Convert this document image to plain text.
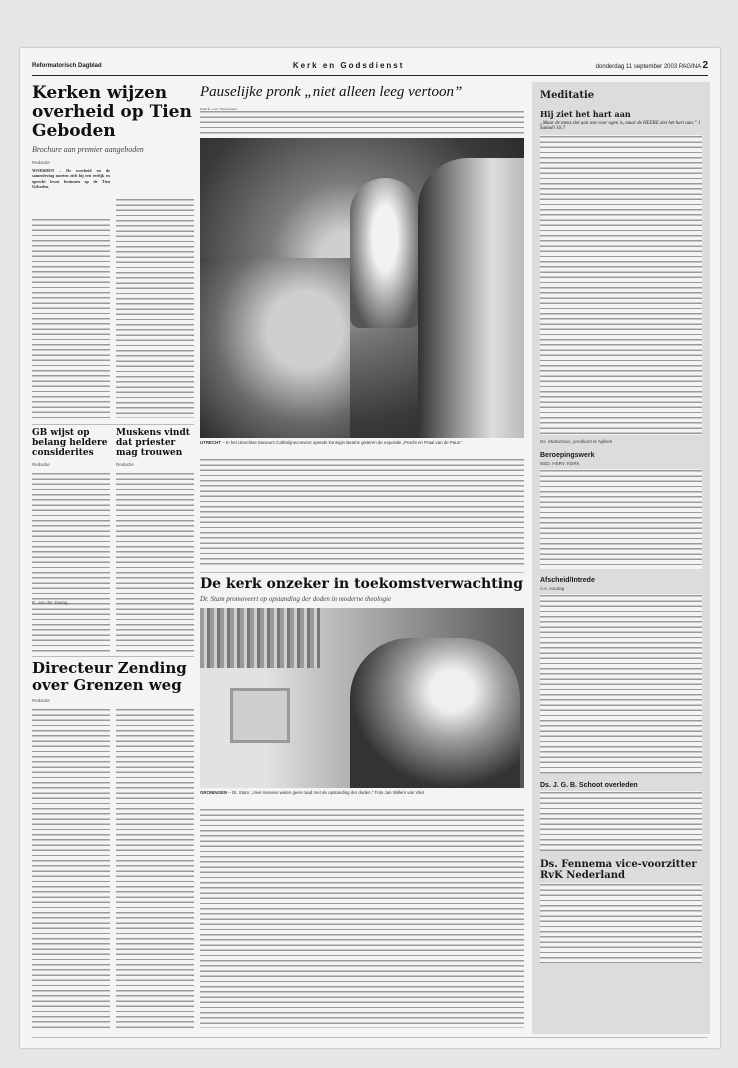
Reformatorisch Dagblad	Kerk en Godsdienst	donderdag 11 september 2003 PAGINA 2
Kerken wijzen overheid op Tien Geboden
Brochure aan premier aangeboden
Redactie
WOERDEN – De overheid en de samenleving moeten zich bij een eerlijk en oprecht leven bezinnen op de Tien Geboden.
Pauselijke pronk „niet alleen leeg vertoon”
UTRECHT – In het Utrechtse Museum Catharijneconvent opende koningin Beatrix gisteren de expositie „Pracht en Praal van de Paus”.
GB wijst op belang heldere considerites
Redactie
Muskens vindt dat priester mag trouwen
Redactie
De kerk onzeker in toekomstverwachting
Dr. Stam promoveert op opstanding der doden in moderne theologie
R. van der Zwaag
GRONINGEN – Dr. Stam: „Veel mensen weten geen raad met de opstanding der doden.” Foto Jan Willem van Vliet
Directeur Zending over Grenzen weg
Redactie
Meditatie
Hij ziet het hart aan
„Maar de mens ziet aan wat voor ogen is, maar de HEERE ziet het hart aan.” 1 Samuël 16:7
Ds. Mobachius, predikant te Nijkerk
Beroepingswerk
NED. HERV. KERK
Afscheid/Intrede
A.s. zondag
Ds. J. G. B. Schoot overleden
Ds. Fennema vice-voorzitter RvK Nederland
